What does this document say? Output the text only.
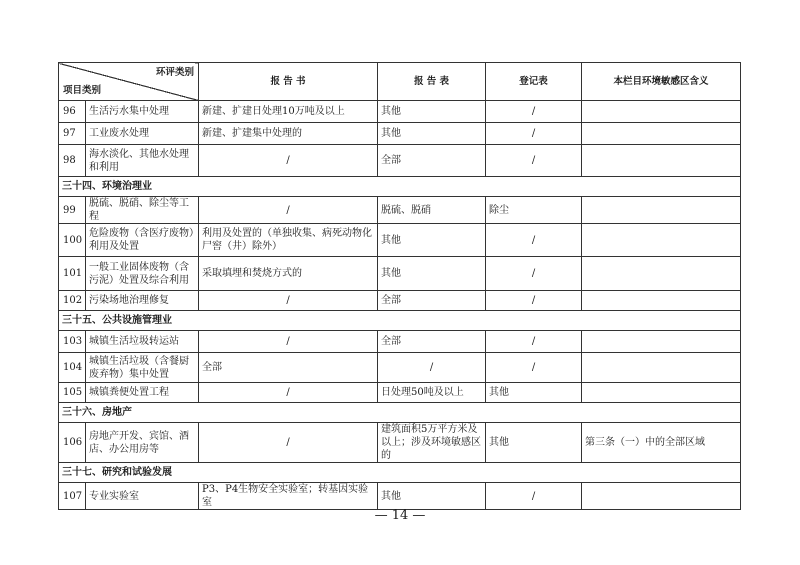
环评类别
项目类别		报 告 书	报 告 表	登记表	本栏目环境敏感区含义
96	生活污水集中处理	新建、扩建日处理10万吨及以上	其他	/	
97	工业废水处理	新建、扩建集中处理的	其他	/	
98	海水淡化、其他水处理和利用	/	全部	/	
三十四、环境治理业					
99	脱硫、脱硝、除尘等工程	/	脱硫、脱硝	除尘	
100	危险废物（含医疗废物）利用及处置	利用及处置的（单独收集、病死动物化尸窖（井）除外）	其他	/	
101	一般工业固体废物（含污泥）处置及综合利用	采取填埋和焚烧方式的	其他	/	
102	污染场地治理修复	/	全部	/	
三十五、公共设施管理业					
103	城镇生活垃圾转运站	/	全部	/	
104	城镇生活垃圾（含餐厨废弃物）集中处置	全部	/	/	
105	城镇粪便处置工程	/	日处理50吨及以上	其他	
三十六、房地产					
106	房地产开发、宾馆、酒店、办公用房等	/	建筑面积5万平方米及以上；涉及环境敏感区的	其他	第三条（一）中的全部区域
三十七、研究和试验发展					
107	专业实验室	P3、P4生物安全实验室；转基因实验室	其他	/	
— 14 —
